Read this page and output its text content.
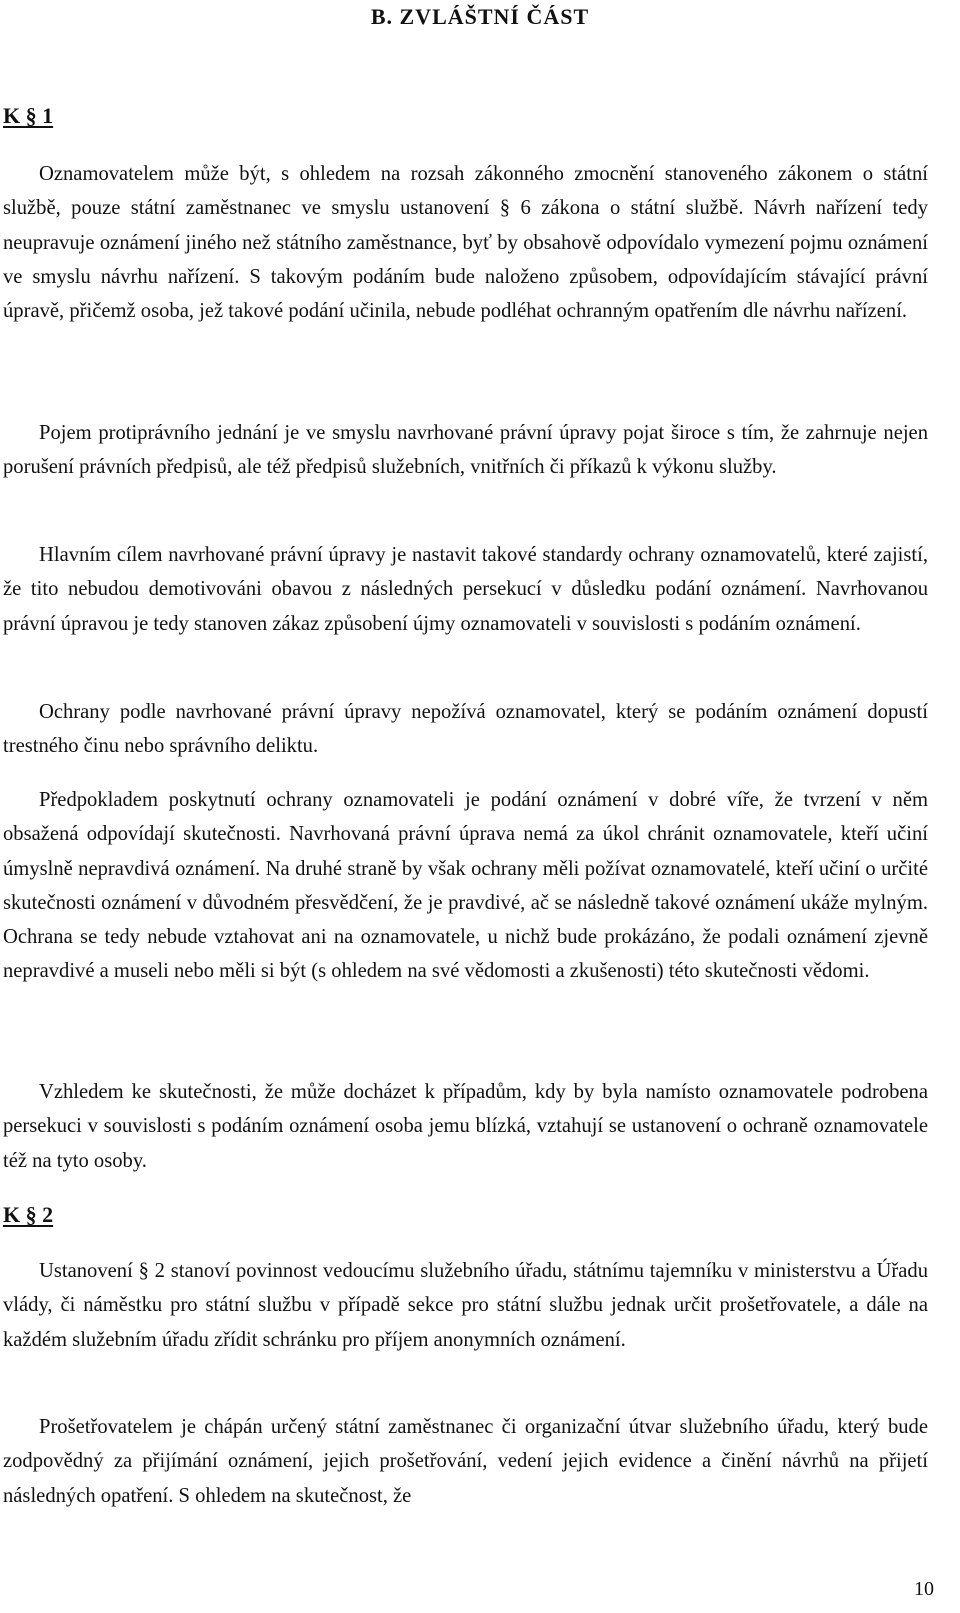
B. ZVLÁŠTNÍ ČÁST
K § 1

Oznamovatelem může být, s ohledem na rozsah zákonného zmocnění stanoveného zákonem o státní službě, pouze státní zaměstnanec ve smyslu ustanovení § 6 zákona o státní službě. Návrh nařízení tedy neupravuje oznámení jiného než státního zaměstnance, byť by obsahově odpovídalo vymezení pojmu oznámení ve smyslu návrhu nařízení. S takovým podáním bude naloženo způsobem, odpovídajícím stávající právní úpravě, přičemž osoba, jež takové podání učinila, nebude podléhat ochranným opatřením dle návrhu nařízení.

Pojem protiprávního jednání je ve smyslu navrhované právní úpravy pojat široce s tím, že zahrnuje nejen porušení právních předpisů, ale též předpisů služebních, vnitřních či příkazů k výkonu služby.

Hlavním cílem navrhované právní úpravy je nastavit takové standardy ochrany oznamovatelů, které zajistí, že tito nebudou demotivováni obavou z následných persekucí v důsledku podání oznámení. Navrhovanou právní úpravou je tedy stanoven zákaz způsobení újmy oznamovateli v souvislosti s podáním oznámení.

Ochrany podle navrhované právní úpravy nepožívá oznamovatel, který se podáním oznámení dopustí trestného činu nebo správního deliktu.

Předpokladem poskytnutí ochrany oznamovateli je podání oznámení v dobré víře, že tvrzení v něm obsažená odpovídají skutečnosti. Navrhovaná právní úprava nemá za úkol chránit oznamovatele, kteří učiní úmyslně nepravdivá oznámení. Na druhé straně by však ochrany měli požívat oznamovatelé, kteří učiní o určité skutečnosti oznámení v důvodném přesvědčení, že je pravdivé, ač se následně takové oznámení ukáže mylným. Ochrana se tedy nebude vztahovat ani na oznamovatele, u nichž bude prokázáno, že podali oznámení zjevně nepravdivé a museli nebo měli si být (s ohledem na své vědomosti a zkušenosti) této skutečnosti vědomi.

Vzhledem ke skutečnosti, že může docházet k případům, kdy by byla namísto oznamovatele podrobena persekuci v souvislosti s podáním oznámení osoba jemu blízká, vztahují se ustanovení o ochraně oznamovatele též na tyto osoby.

K § 2

Ustanovení § 2 stanoví povinnost vedoucímu služebního úřadu, státnímu tajemníku v ministerstvu a Úřadu vlády, či náměstku pro státní službu v případě sekce pro státní službu jednak určit prošetřovatele, a dále na každém služebním úřadu zřídit schránku pro příjem anonymních oznámení.

Prošetřovatelem je chápán určený státní zaměstnanec či organizační útvar služebního úřadu, který bude zodpovědný za přijímání oznámení, jejich prošetřování, vedení jejich evidence a činění návrhů na přijetí následných opatření. S ohledem na skutečnost, že

10
